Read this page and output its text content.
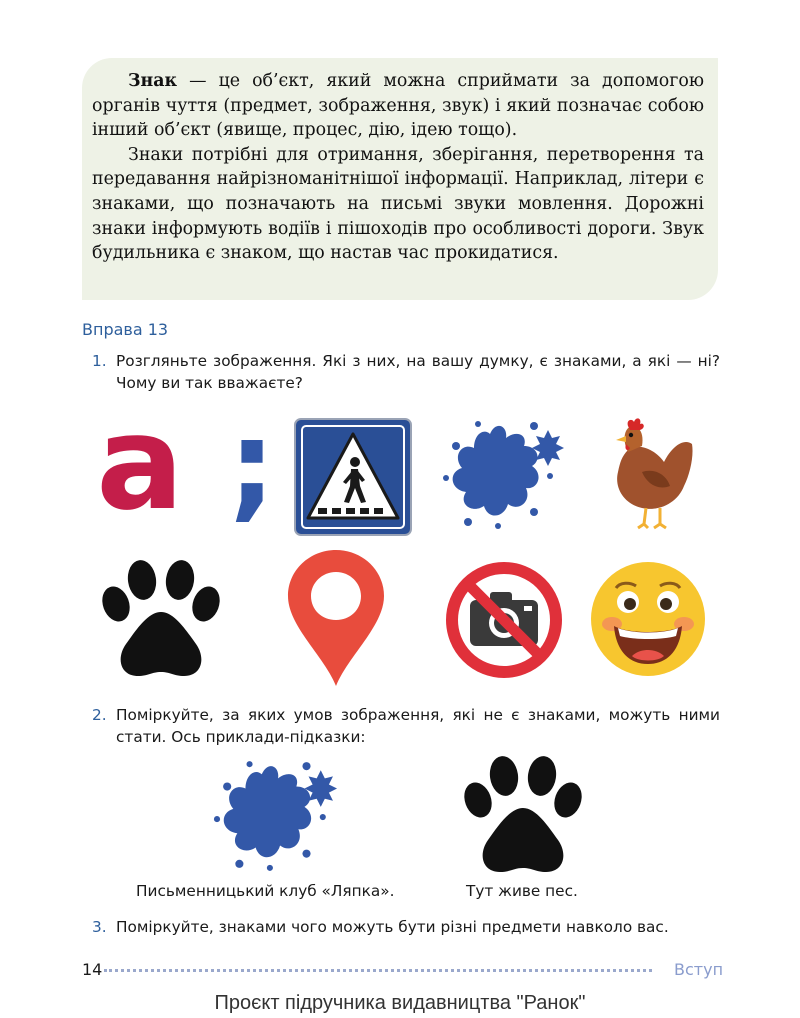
Знак — це об’єкт, який можна сприймати за допомогою органів чуття (предмет, зображення, звук) і який позначає собою інший об’єкт (явище, процес, дію, ідею тощо).

Знаки потрібні для отримання, зберігання, перетворення та передавання найрізноманітнішої інформації. Наприклад, літери є знаками, що позначають на письмі звуки мовлення. Дорожні знаки інформують водіїв і пішоходів про особливості дороги. Звук будильника є знаком, що настав час прокидатися.

Вправа 13
1. Розгляньте зображення. Які з них, на вашу думку, є знаками, а які — ні? Чому ви так вважаєте?
a ;
2. Поміркуйте, за яких умов зображення, які не є знаками, можуть ними стати. Ось приклади-підказки:
Письменницький клуб «Ляпка».	Тут живе пес.
3. Поміркуйте, знаками чого можуть бути різні предмети навколо вас.
14	Вступ
Проєкт підручника видавництва "Ранок"
